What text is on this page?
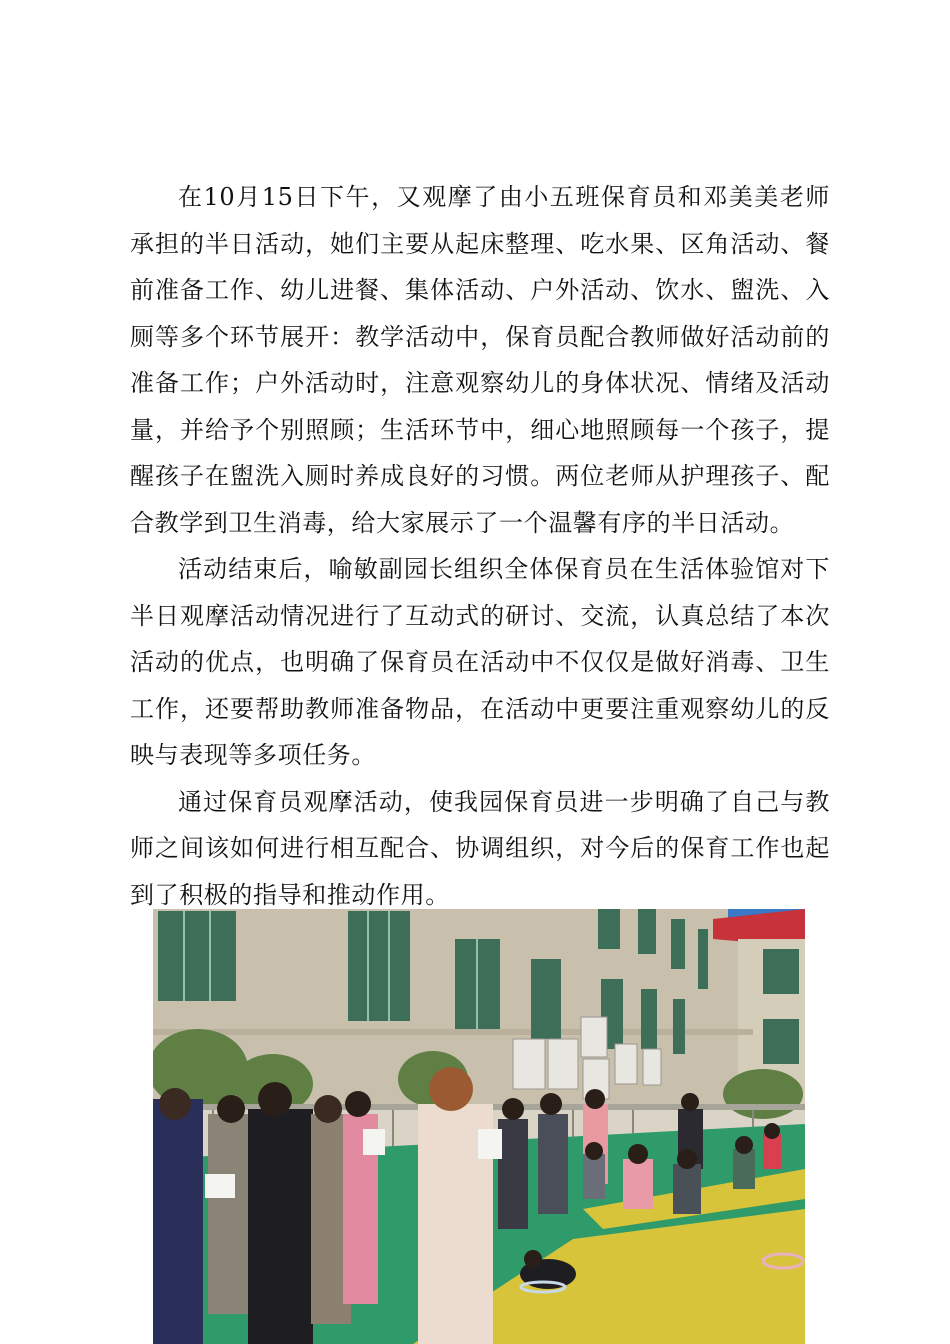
在10月15日下午，又观摩了由小五班保育员和邓美美老师承担的半日活动，她们主要从起床整理、吃水果、区角活动、餐前准备工作、幼儿进餐、集体活动、户外活动、饮水、盥洗、入厕等多个环节展开：教学活动中，保育员配合教师做好活动前的准备工作；户外活动时，注意观察幼儿的身体状况、情绪及活动量，并给予个别照顾；生活环节中，细心地照顾每一个孩子，提醒孩子在盥洗入厕时养成良好的习惯。两位老师从护理孩子、配合教学到卫生消毒，给大家展示了一个温馨有序的半日活动。

活动结束后，喻敏副园长组织全体保育员在生活体验馆对下半日观摩活动情况进行了互动式的研讨、交流，认真总结了本次活动的优点，也明确了保育员在活动中不仅仅是做好消毒、卫生工作，还要帮助教师准备物品，在活动中更要注重观察幼儿的反映与表现等多项任务。

通过保育员观摩活动，使我园保育员进一步明确了自己与教师之间该如何进行相互配合、协调组织，对今后的保育工作也起到了积极的指导和推动作用。
